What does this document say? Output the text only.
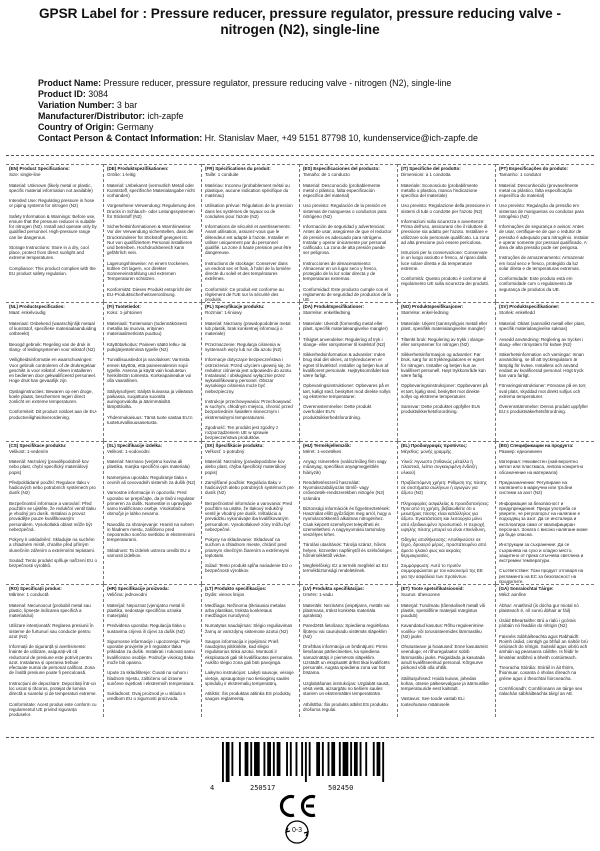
GPSR Label for : Pressure reducer, pressure regulator, pressure reducing valve - nitrogen (N2), single-line
Product Name: Pressure reducer, pressure regulator, pressure reducing valve - nitrogen (N2), single-line
Product ID: 3084
Variation Number: 3 bar
Manufacturer/Distributor: ich-zapfe
Country of Origin: Germany
Contact Person & Contact Information: Hr. Stanislav Maer, +49 5151 87798 10, kundenservice@ich-zapfe.de
(EN) Product Specifications:
Size: single-line

Material: Unknown (likely metal or plastic, specific material information not available)

Intended Use: Regulating pressure in hose or piping systems for nitrogen (N2)

Safety Information & Warnings: Before use, ensure that the pressure reducer is suitable for nitrogen (N2). Install and operate only by qualified personnel. High-pressure range can be dangerous.

Storage Instructions: Store in a dry, cool place, protect from direct sunlight and extreme temperatures.

Compliance: This product complies with the EU product safety regulation.
(DE) Produktspezifikationen:
Größe: 1-leitig

Material: Unbekannt (vermutlich Metall oder Kunststoff, spezifische Materialangabe nicht vorhanden)

Vorgesehene Verwendung: Regulierung des Drucks in Schlauch- oder Leitungssystemen für Stickstoff (N2)

Sicherheitsinformationen & Warnhinweise: Vor der Verwendung sicherstellen, dass der Druckminderer für Stickstoff geeignet ist. Nur von qualifiziertem Personal installieren und betreiben. Hochdruckbereich kann gefährlich sein.

Lagerungshinweise: An einem trockenen, kühlen Ort lagern, vor direkter Sonneneinstrahlung und extremen Temperaturen schützen.

Konformität: Dieses Produkt entspricht der EU-Produktsicherheitsverordnung.
(FR) Spécifications du produit:
Taille: 1 conduite

Matériau: Inconnu (probablement métal ou plastique, aucune indication spécifique du matériau)

Utilisation prévue: Régulation de la pression dans les systèmes de tuyaux ou de conduites pour l'azote (N2)

Informations de sécurité et avertissements: Avant utilisation, assurez-vous que le détendeur est adapté à l'azote. Installer et utiliser uniquement par du personnel qualifié. La zone à haute pression peut être dangereuse.

Instructions de stockage: Conserver dans un endroit sec et frais, à l'abri de la lumière directe du soleil et des températures extrêmes.

Conformité: Ce produit est conforme au règlement de l'UE sur la sécurité des produits.
(ES) Especificaciones del producto:
Tamaño: de 1 conducto

Material: Desconocido (probablemente metal o plástico, falta especificación específica del material)

Uso previsto: Regulación de la presión en sistemas de mangueras o conductos para nitrógeno (N2)

Información de seguridad y advertencias: Antes de usar, asegúrese de que el reductor de presión es adecuado para nitrógeno. Instalar y operar únicamente por personal calificado. La zona de alta presión puede ser peligrosa.

Instrucciones de almacenamiento: Almacenar en un lugar seco y fresco, protegido de la luz solar directa y de temperaturas extremas.

Conformidad: Este producto cumple con el reglamento de seguridad de productos de la UE.
(IT) Specifiche del prodotto:
Dimensioni: a 1 condotta

Materiale: Sconosciuto (probabilmente metallo o plastica, manca l'indicazione specifica del materiale)

Uso previsto: Regolazione della pressione in sistemi di tubi o condotte per l'azoto (N2)

Informazioni sulla sicurezza e avvertenze: Prima dell'uso, assicurarsi che il riduttore di pressione sia adatto per l'azoto. Installare e utilizzare solo personale qualificato. La zona ad alta pressione può essere pericolosa.

Istruzioni per la conservazione: Conservare in un luogo asciutto e fresco, al riparo dalla luce solare diretta e da temperature estreme.

Conformità: Questo prodotto è conforme al regolamento UE sulla sicurezza dei prodotti.
(PT) Especificações do produto:
Tamanho: 1 condutor

Material: Desconhecido (provavelmente metal ou plástico, falta especificação específica do material)

Uso previsto: Regulação da pressão em sistemas de mangueiras ou condutos para nitrogênio (N2)

Informações de segurança e avisos: Antes de usar, certifique-se de que o redutor de pressão é adequado para nitrogênio. Instalar e operar somente por pessoal qualificado. A área de alta pressão pode ser perigosa.

Instruções de armazenamento: Armazenar em local seco e fresco, protegido da luz solar direta e de temperaturas extremas.

Conformidade: Este produto está em conformidade com o regulamento de segurança de produtos da UE.
(NL) Productspecificaties:
Maat: enkelvoudig

Materiaal: Onbekend (waarschijnlijk metaal of kunststof, specifieke materiaalaanduiding ontbreekt)

Beoogd gebruik: Regeling van de druk in slang- of leidingsystemen voor stikstof (N2)

Veiligheidsinformatie en waarschuwingen: Voor gebruik controleren of de drukregelaar geschikt is voor stikstof. Alleen installeren en bedienen door gekwalificeerd personeel. Hoge druk kan gevaarlijk zijn.

Opslaginstructies: Bewaren op een droge, koele plaats, beschermen tegen direct zonlicht en extreme temperaturen.

Conformiteit: Dit product voldoet aan de EU-productveiligheidsverordening.
(FI) Tuotetiedot:
Koko: 1-johtoinen

Materiaali: Tuntematon (todennäköisesti metallia tai muovia, erityinen materiaalimerkintä puuttuu)

Käyttötarkoitus: Paineen säätö letku- tai putkijärjestelmissä typelle (N2)

Turvallisuustiedot ja varoitukset: Varmista ennen käyttöä, että paineenalennin sopii typelle. Asenna ja käytä vain koulutetun henkilöstön toimesta. Korkeapainealue voi olla vaarallinen.

Säilytysohjeet: Säilytä kuivassa ja viileässä paikassa, suojattuna suoralta auringonvalolta ja äärimmäisiltä lämpötiloilta.

Yhdenmukaisuus: Tämä tuote vastaa EU:n tuoteturvallisuusasetusta.
(PL) Specyfikacje produktu:
Rozmiar: 1-liniowy

Materiał: Nieznany (prawdopodobnie metal lub plastik, brak konkretnej informacji o materiale)

Przeznaczenie: Regulacja ciśnienia w systemach węży lub rur dla azotu (N2)

Informacje dotyczące bezpieczeństwa i ostrzeżenia: Przed użyciem upewnij się, że reduktor ciśnienia jest odpowiedni do azotu. Instalować i obsługiwać wyłącznie przez wykwalifikowany personel. Obszar wysokiego ciśnienia może być niebezpieczny.

Instrukcje przechowywania: Przechowywać w suchym, chłodnym miejscu, chronić przed bezpośrednim światłem słonecznym i ekstremalnymi temperaturami.

Zgodność: Ten produkt jest zgodny z rozporządzeniem UE w sprawie bezpieczeństwa produktów.
(DA) Produktspecifikationer:
Størrelse: enkeltledning

Materiale: Ukendt (formentlig metal eller plast, specifik materialeangivelse mangler)

Tilsigtet anvendelse: Regulering af tryk i slange- eller rørsystemer til kvælstof (N2)

Sikkerhedsinformation & advarsler: Inden brug skal det sikres, at trykreduceren er egnet til kvælstof. Installer og betjen kun af kvalificeret personale. Højtryksområdet kan være farligt.

Opbevaringsinstruktioner: Opbevares på et tørt, køligt sted, beskyttet mod direkte sollys og ekstreme temperaturer.

Overensstemmelse: Dette produkt overholder EU's produktsikkerhedsforordning.
(NO) Produktspesifikasjoner:
Størrelse: enkel-ledning

Materiale: Ukjent (sannsynligvis metall eller plast, spesifikk materialangivelse mangler)

Tiltenkt bruk: Regulering av trykk i slange- eller rørsystemer for nitrogen (N2)

Sikkerhetsinformasjon og advarsler: Før bruk, sørg for at trykkregulatoren er egnet for nitrogen. Installer og betjen kun av kvalifisert personell. Høyt trykkområde kan være farlig.

Oppbevaringsinstruksjoner: Oppbevares på et tørt, kjølig sted, beskyttet mot direkte sollys og ekstreme temperaturer.

Samsvar: Dette produktet oppfyller EUs produktsikkerhetsforordning.
(SV) Produktspecifikationer:
Storlek: enkelledd

Material: Okänt (sannolikt metall eller plast, specifik materialangivelse saknas)

Avsedd användning: Reglering av trycket i slang- eller rörsystem för kväve (N2)

Säkerhetsinformation och varningar: Innan användning, se till att tryckregulatorn är lämplig för kväve. Installera och använd endast av kvalificerad personal. Högt tryck kan vara farligt.

Förvaringsinstruktioner: Förvaras på en torr, sval plats, skyddad mot direkt solljus och extrema temperaturer.

Överensstämmelse: Denna produkt uppfyller EU:s produktsäkerhetsförordning.
(CS) Specifikace produktu:
Velikost: 1-vedením

Materiál: Neznámý (pravděpodobně kov nebo plast, chybí specifický materiálový popis)

Předpokládané použití: Regulace tlaku v hadicových nebo potrubních systémech pro dusík (N2)

Bezpečnostní informace a varování: Před použitím se ujistěte, že redukční ventil tlaku je vhodný pro dusík. Instalaci a provoz provádějte pouze kvalifikovaným personálem. Vysokotlaká oblast může být nebezpečná.

Pokyny k uskladnění: Skladujte na suchém a chladném místě, chraňte před přímým slunečním zářením a extrémními teplotami.

Soulad: Tento produkt splňuje nařízení EU o bezpečnosti výrobků.
(SL) Specifikacije izdelka:
Velikost: 1-vodovodni

Material: Neznano (verjetno kovina ali plastika, manjka specifični opis materiala)

Namenjena uporaba: Reguliranje tlaka v cevnih ali cevovodnih sistemih za dušik (N2)

Varnostne informacije in opozorila: Pred uporabo se prepričajte, da je tlačni regulator primeren za dušik. Namestite in upravljajte samo kvalificirano osebje. Visokotlačno območje je lahko nevarno.

Navodila za shranjevanje: Hraniti na suhem in hladnem mestu, zaščiteno pred neposredno sončno svetlobo in ekstremnimi temperaturami.

Skladnost: Ta izdelek ustreza uredbi EU o varnosti izdelkov.
(SK) Špecifikácie produktu:
Veľkosť: 1-potrubný

Materiál: Neznámy (pravdepodobne kov alebo plast, chýba špecifický materiálový popis)

Zamýšľané použitie: Regulácia tlaku v hadicových alebo potrubných systémoch pre dusík (N2)

Bezpečnostné informácie a varovania: Pred použitím sa uistite, že tlakový redukčný ventil je vhodný pre dusík. Inštaláciu a prevádzku vykonávajte iba kvalifikovaným personálom. Vysokotlakové zóny môžu byť nebezpečné.

Pokyny na skladovanie: Skladovať na suchom a chladnom mieste, chrániť pred priamym slnečným žiarením a extrémnymi teplotami.

Súlad: Tento produkt spĺňa nariadenie EÚ o bezpečnosti výrobkov.
(HU) Termékjellemzők:
Méret: 1-vezetékes

Anyag: Ismeretlen (valószínűleg fém vagy műanyag, specifikus anyagmegjelölés hiányzik)

Rendeltetésszerű használat: Nyomásszabályozás tömlő- vagy csővezeték-rendszerekben nitrogén (N2) számára

Biztonsági információk és figyelmeztetések: Használat előtt győződjön meg arról, hogy a nyomáscsökkentő alkalmas nitrogénhez. Csak képzett személyzet telepítheti és üzemeltetheti. A nagynyomású tartomány veszélyes lehet.

Tárolási utasítások: Tárolja száraz, hűvös helyen, közvetlen napfénytől és szélsőséges hőmérséklettől védve.

Megfelelőség: Ez a termék megfelel az EU termékbiztonsági rendeletének.
(EL) Προδιαγραφές προϊόντος:
Μέγεθος: μονής γραμμής

Υλικό: Άγνωστο (πιθανώς μέταλλο ή πλαστικό, λείπει συγκεκριμένη ένδειξη υλικού)

Προβλεπόμενη χρήση: Ρύθμιση της πίεσης σε συστήματα σωλήνων ή αγωγών για άζωτο (N2)

Πληροφορίες ασφαλείας & προειδοποιήσεις: Πριν από τη χρήση, βεβαιωθείτε ότι ο μειωτήρας πίεσης είναι κατάλληλος για άζωτο. Εγκατάσταση και λειτουργία μόνο από εξειδικευμένο προσωπικό. Η περιοχή υψηλής πίεσης μπορεί να είναι επικίνδυνη.

Οδηγίες αποθήκευσης: Αποθηκεύστε σε ξηρό, δροσερό μέρος, προστατευμένο από άμεσο ηλιακό φως και ακραίες θερμοκρασίες.

Συμμόρφωση: Αυτό το προϊόν συμμορφώνεται με τον κανονισμό της ΕΕ για την ασφάλεια των προϊόντων.
(BG) Спецификации на продукта:
Размер: еднолинеен

Материал: Неизвестен (най-вероятно метал или пластмаса, липсва конкретно обозначение на материала)

Предназначение: Регулиране на налягането в маркучни или тръбни системи за азот (N2)

Информация за безопасност и предупреждения: Преди употреба се уверете, че регулаторът на налягане е подходящ за азот. Да се инсталира и експлоатира само от квалифициран персонал. Зоната с високо налягане може да бъде опасна.

Инструкции за съхранение: Да се съхранява на сухо и хладно място, защитено от пряка слънчева светлина и екстремни температури.

Съответствие: Този продукт отговаря на регламента на ЕС за безопасност на продуктите.
(RO) Specificații produs:
Mărime: 1 conductă

Material: Necunoscut (probabil metal sau plastic, lipsește indicarea specifică a materialului)

Utilizare intenționată: Reglarea presiunii în sisteme de furtunuri sau conducte pentru azot (N2)

Informații de siguranță și avertismente: Înainte de utilizare, asigurați-vă că reductorul de presiune este potrivit pentru azot. Instalarea și operarea trebuie efectuate numai de personal calificat. Zona de înaltă presiune poate fi periculoasă.

Instrucțiuni de depozitare: Depozitați într-un loc uscat și răcoros, protejat de lumina directă a soarelui și de temperaturi extreme.

Conformitate: Acest produs este conform cu regulamentul UE privind siguranța produselor.
(HR) Specifikacije proizvoda:
Veličina: jednovodni

Materijal: Nepoznat (vjerojatno metal ili plastika, nedostaje specifična oznaka materijala)

Predviđena uporaba: Regulacija tlaka u sustavima crijeva ili cijevi za dušik (N2)

Sigurnosne informacije i upozorenja: Prije uporabe provjerite je li regulator tlaka prikladan za dušik. Instalirati i rukovati samo kvalificirano osoblje. Područje visokog tlaka može biti opasno.

Upute za skladištenje: Čuvati na suhom i hladnom mjestu, zaštićeno od izravne sunčeve svjetlosti i ekstremnih temperatura.

Sukladnost: Ovaj proizvod je u skladu s uredbom EU o sigurnosti proizvoda.
(LT) Produkto specifikacijos:
Dydis: vienos linijos

Medžiaga: Nežinoma (tikriausiai metalas arba plastikas, trūksta konkretaus medžiagos nurodymo)

Numatytas naudojimas: Slėgio reguliavimas žarnų ar vamzdynų sistemose azotui (N2)

Saugos informacija ir įspėjimai: Prieš naudojimą įsitikinkite, kad slėgio reguliatorius tinka azotui. Montuoti ir eksploatuoti gali tik kvalifikuotas personalas. Aukšto slėgio zona gali būti pavojinga.

Laikymo instrukcijos: Laikyti sausoje, vėsioje vietoje, apsaugotoje nuo tiesioginių saulės spindulių ir ekstremalių temperatūrų.

Atitiktis: Šis produktas atitinka ES produktų saugos reglamentą.
(LV) Produkta specifikācijas:
Izmērs: 1-vadu

Materiāls: Nezināms (iespējams, metāls vai plastmasa, trūkst konkrēta materiāla apraksta)

Paredzētā lietošana: Spiediena regulēšana šļūteņu vai cauruļvadu sistēmās slāpeklim (N2)

Drošības informācija un brīdinājumi: Pirms lietošanas pārliecinieties, ka spiediena samazinātājs ir piemērots slāpeklim. Uzstādīt un ekspluatēt drīkst tikai kvalificēts personāls. Augsta spiediena zona var būt bīstama.

Uzglabāšanas instrukcijas: Uzglabāt sausā, vēsā vietā, aizsargātu no tiešiem saules stariem un ekstremālām temperatūrām.

Atbilstība: Šis produkts atbilst ES produktu drošuma regulai.
(ET) Toote spetsifikatsioonid:
Suurus: ühesoonne

Materjal: Tundmatu (tõenäoliselt metall või plastik, spetsiifiline materjali märgistus puudub)

Kavandatud kasutus: Rõhu reguleerimine vooliku- või torusüsteemides lämmastiku (N2) jaoks

Ohutusteave ja hoiatused: Enne kasutamist veenduge, et rõhuregulaator sobib lämmastiku jaoks. Paigaldada ja kasutada ainult kvalifitseeritud personal. Kõrgsurve piirkond võib olla ohtlik.

Säilitusjuhised: Hoida kuivas, jahedas kohas, otsese päikesevalguse ja äärmuslike temperatuuride eest kaitstult.

Vastavus: See toode vastab ELi tooteohutuse määrusele.
(GA) Sonraíochtaí Táirge:
Méid: aonlíne

Ábhar: Anaithnid (is dócha gur miotal nó plaisteach é, níl sonrú ábhair ar fáil)

Úsáid Bheartaithe: Brú a rialú i gcórais píobáin nó feadáin do nítrigin (N2)

Faisnéis Sábháilteachta agus Rabhaidh: Roimh úsáid, cinntigh go bhfuil an rialtóir brú oiriúnach do nítrigin. Suiteáil agus oibriú ach amháin ag pearsanra cáilithe. Is féidir le limistéar ardbhrú a bheith contúirteach.

Treoracha Stórála: Stóráil in áit thirim, fhionnuar, cosanta ó sholas díreach na gréine agus ó theochtaí foircneacha.

Comhlíonadh: Comhlíonann an táirge seo rialachán sábháilteachta táirgí an AE.
4	250517	502450
0-3
